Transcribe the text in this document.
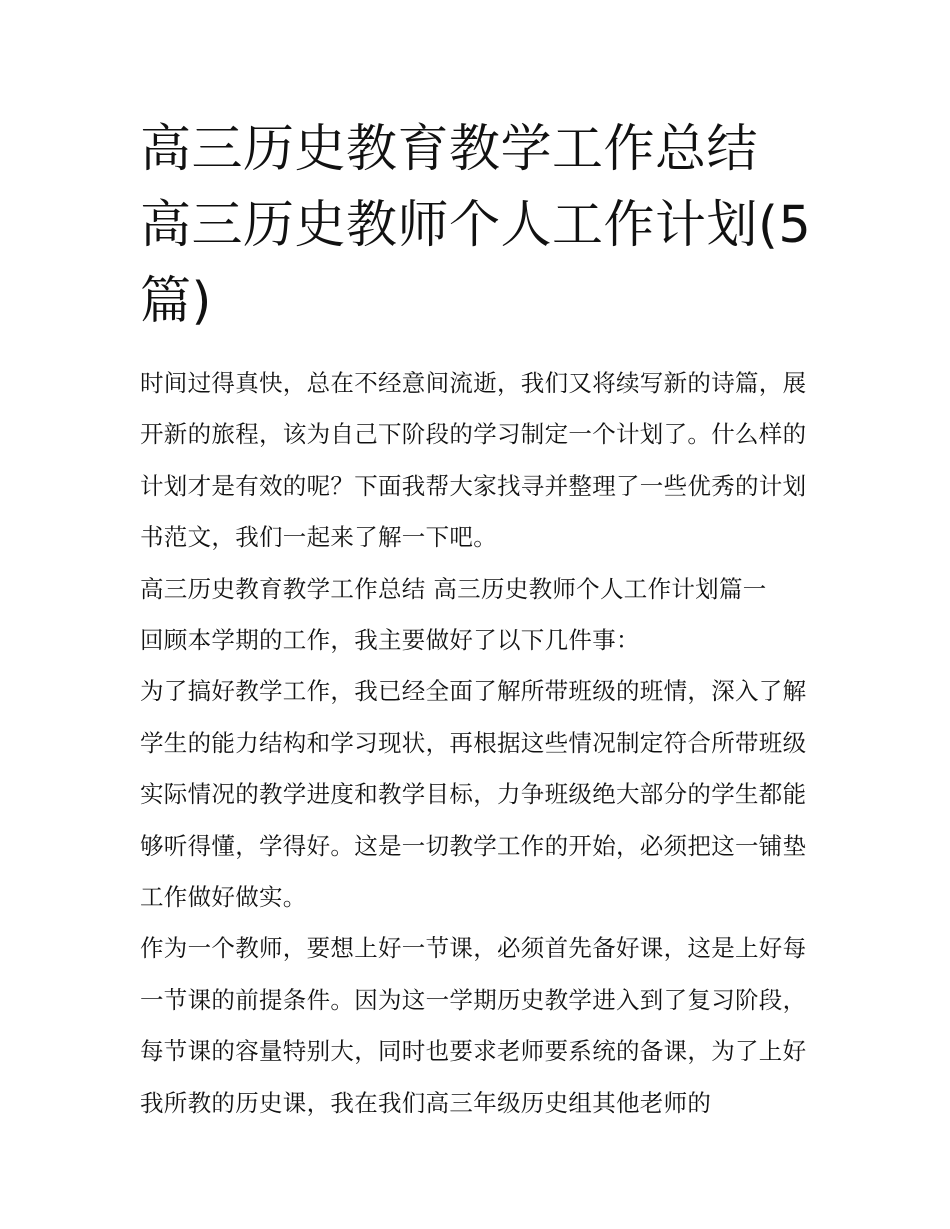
高三历史教育教学工作总结 高三历史教师个人工作计划(5篇)

时间过得真快，总在不经意间流逝，我们又将续写新的诗篇，展开新的旅程，该为自己下阶段的学习制定一个计划了。什么样的计划才是有效的呢？下面我帮大家找寻并整理了一些优秀的计划书范文，我们一起来了解一下吧。

高三历史教育教学工作总结 高三历史教师个人工作计划篇一

回顾本学期的工作，我主要做好了以下几件事：

为了搞好教学工作，我已经全面了解所带班级的班情，深入了解学生的能力结构和学习现状，再根据这些情况制定符合所带班级实际情况的教学进度和教学目标，力争班级绝大部分的学生都能够听得懂，学得好。这是一切教学工作的开始，必须把这一铺垫工作做好做实。

作为一个教师，要想上好一节课，必须首先备好课，这是上好每一节课的前提条件。因为这一学期历史教学进入到了复习阶段，每节课的容量特别大，同时也要求老师要系统的备课，为了上好我所教的历史课，我在我们高三年级历史组其他老师的
